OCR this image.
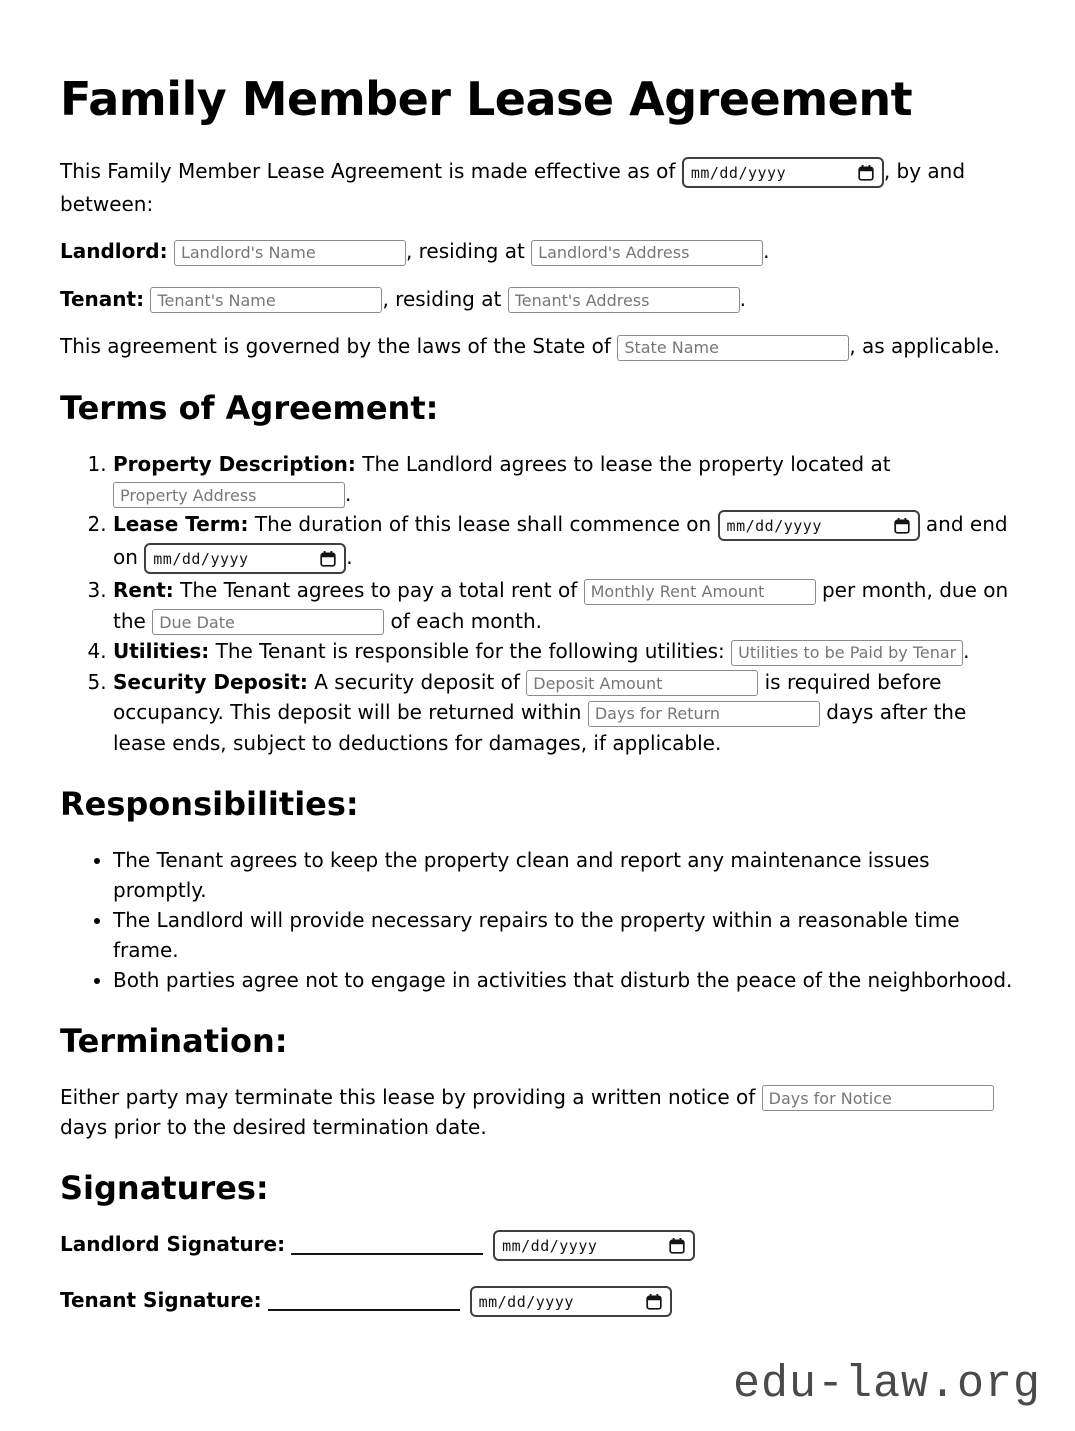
Family Member Lease Agreement

This Family Member Lease Agreement is made effective as of mm/dd/yyyy	, by and between:

Landlord: Landlord's Name	, residing at Landlord's Address	.

Tenant: Tenant's Name	, residing at Tenant's Address	.

This agreement is governed by the laws of the State of State Name	, as applicable.

Terms of Agreement:
1. Property Description: The Landlord agrees to lease the property located at Property Address.
2. Lease Term: The duration of this lease shall commence on mm/dd/yyyy	and end on mm/dd/yyyy	.
3. Rent: The Tenant agrees to pay a total rent of Monthly Rent Amount	per month, due on the Due Date	of each month.
4. Utilities: The Tenant is responsible for the following utilities: Utilities to be Paid by Tenant	.
5. Security Deposit: A security deposit of Deposit Amount	is required before occupancy. This deposit will be returned within Days for Return	days after the lease ends, subject to deductions for damages, if applicable.
Responsibilities:
• The Tenant agrees to keep the property clean and report any maintenance issues promptly.
• The Landlord will provide necessary repairs to the property within a reasonable time frame.
• Both parties agree not to engage in activities that disturb the peace of the neighborhood.
Termination:

Either party may terminate this lease by providing a written notice of Days for Notice days prior to the desired termination date.

Signatures:

Landlord Signature:	mm/dd/yyyy

Tenant Signature:	mm/dd/yyyy

edu-law.org
